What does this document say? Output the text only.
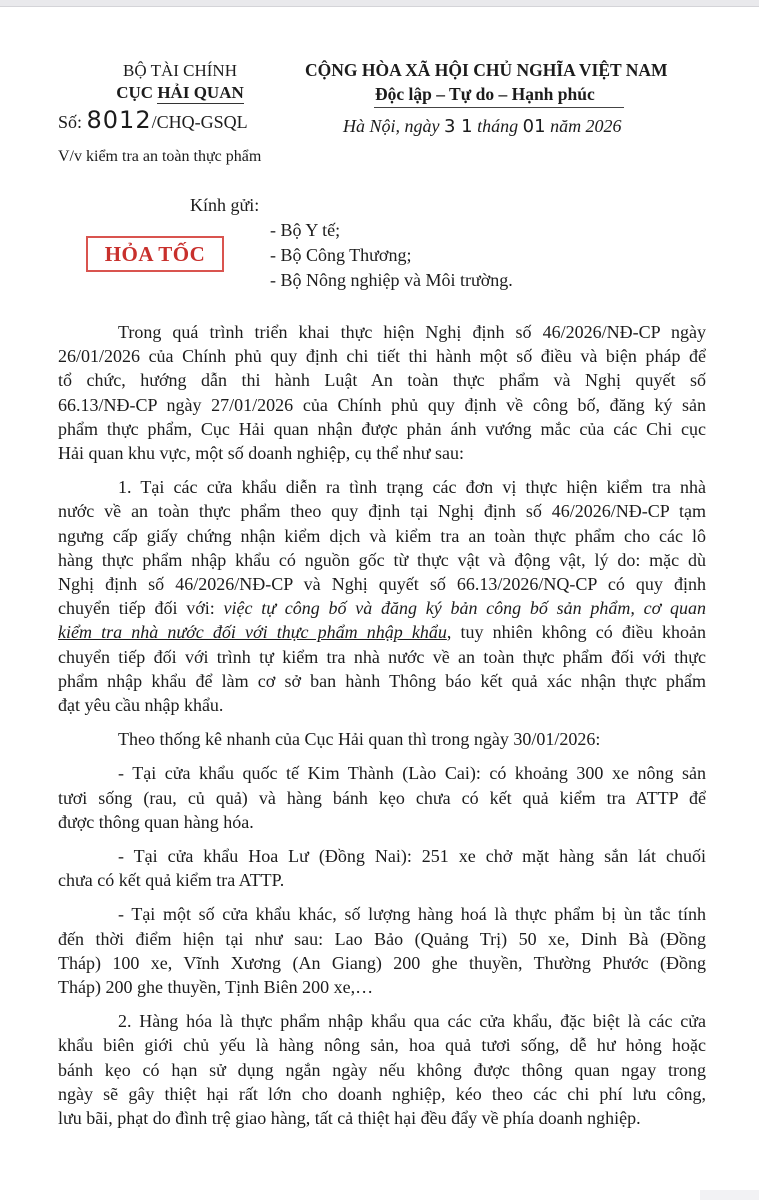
BỘ TÀI CHÍNH
CỤC HẢI QUAN
Số: 8012/CHQ-GSQL
V/v kiểm tra an toàn thực phẩm
CỘNG HÒA XÃ HỘI CHỦ NGHĨA VIỆT NAM
Độc lập – Tự do – Hạnh phúc
Hà Nội, ngày 3 1 tháng 01 năm 2026
Kính gửi:
- Bộ Y tế;
- Bộ Công Thương;
- Bộ Nông nghiệp và Môi trường.
HỎA TỐC

Trong quá trình triển khai thực hiện Nghị định số 46/2026/NĐ-CP ngày
26/01/2026 của Chính phủ quy định chi tiết thi hành một số điều và biện pháp để
tổ chức, hướng dẫn thi hành Luật An toàn thực phẩm và Nghị quyết số
66.13/NĐ-CP ngày 27/01/2026 của Chính phủ quy định về công bố, đăng ký sản
phẩm thực phẩm, Cục Hải quan nhận được phản ánh vướng mắc của các Chi cục
Hải quan khu vực, một số doanh nghiệp, cụ thể như sau:

1. Tại các cửa khẩu diễn ra tình trạng các đơn vị thực hiện kiểm tra nhà
nước về an toàn thực phẩm theo quy định tại Nghị định số 46/2026/NĐ-CP tạm
ngưng cấp giấy chứng nhận kiểm dịch và kiểm tra an toàn thực phẩm cho các lô
hàng thực phẩm nhập khẩu có nguồn gốc từ thực vật và động vật, lý do: mặc dù
Nghị định số 46/2026/NĐ-CP và Nghị quyết số 66.13/2026/NQ-CP có quy định
chuyển tiếp đối với: việc tự công bố và đăng ký bản công bố sản phẩm, cơ quan
kiểm tra nhà nước đối với thực phẩm nhập khẩu, tuy nhiên không có điều khoản
chuyển tiếp đối với trình tự kiểm tra nhà nước về an toàn thực phẩm đối với thực
phẩm nhập khẩu để làm cơ sở ban hành Thông báo kết quả xác nhận thực phẩm
đạt yêu cầu nhập khẩu.

Theo thống kê nhanh của Cục Hải quan thì trong ngày 30/01/2026:

- Tại cửa khẩu quốc tế Kim Thành (Lào Cai): có khoảng 300 xe nông sản
tươi sống (rau, củ quả) và hàng bánh kẹo chưa có kết quả kiểm tra ATTP để
được thông quan hàng hóa.

- Tại cửa khẩu Hoa Lư (Đồng Nai): 251 xe chở mặt hàng sắn lát chuối
chưa có kết quả kiểm tra ATTP.

- Tại một số cửa khẩu khác, số lượng hàng hoá là thực phẩm bị ùn tắc tính
đến thời điểm hiện tại như sau: Lao Bảo (Quảng Trị) 50 xe, Dinh Bà (Đồng
Tháp) 100 xe, Vĩnh Xương (An Giang) 200 ghe thuyền, Thường Phước (Đồng
Tháp) 200 ghe thuyền, Tịnh Biên 200 xe,…

2. Hàng hóa là thực phẩm nhập khẩu qua các cửa khẩu, đặc biệt là các cửa
khẩu biên giới chủ yếu là hàng nông sản, hoa quả tươi sống, dễ hư hỏng hoặc
bánh kẹo có hạn sử dụng ngắn ngày nếu không được thông quan ngay trong
ngày sẽ gây thiệt hại rất lớn cho doanh nghiệp, kéo theo các chi phí lưu công,
lưu bãi, phạt do đình trệ giao hàng, tất cả thiệt hại đều đẩy về phía doanh nghiệp.
